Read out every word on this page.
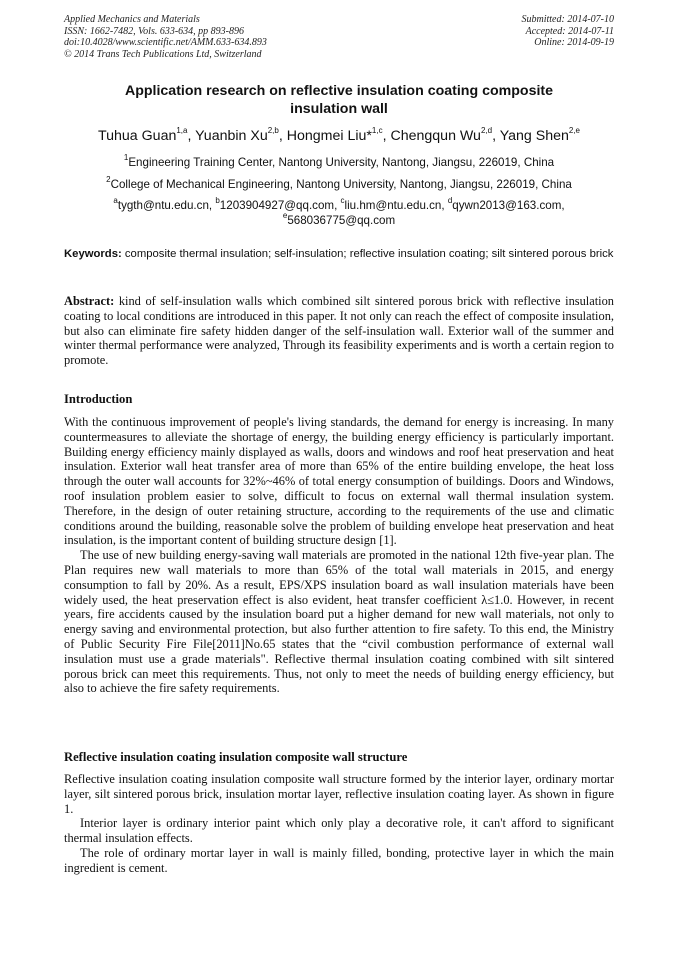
Applied Mechanics and Materials
ISSN: 1662-7482, Vols. 633-634, pp 893-896
doi:10.4028/www.scientific.net/AMM.633-634.893
© 2014 Trans Tech Publications Ltd, Switzerland
Submitted: 2014-07-10
Accepted: 2014-07-11
Online: 2014-09-19
Application research on reflective insulation coating composite
insulation wall
Tuhua Guan$^{1,a}$, Yuanbin Xu$^{2,b}$, Hongmei Liu*$^{1,c}$, Chengqun Wu$^{2,d}$, Yang Shen$^{2,e}$
$^1$Engineering Training Center, Nantong University, Nantong, Jiangsu, 226019, China
$^2$College of Mechanical Engineering, Nantong University, Nantong, Jiangsu, 226019, China
$^a$tygth@ntu.edu.cn, $^b$1203904927@qq.com, $^c$liu.hm@ntu.edu.cn, $^d$qywn2013@163.com,
$^e$568036775@qq.com
Keywords: composite thermal insulation; self-insulation; reflective insulation coating; silt sintered porous brick
Abstract: kind of self-insulation walls which combined silt sintered porous brick with reflective insulation coating to local conditions are introduced in this paper. It not only can reach the effect of composite insulation, but also can eliminate fire safety hidden danger of the self-insulation wall. Exterior wall of the summer and winter thermal performance were analyzed, Through its feasibility experiments and is worth a certain region to promote.
Introduction

With the continuous improvement of people's living standards, the demand for energy is increasing. In many countermeasures to alleviate the shortage of energy, the building energy efficiency is particularly important. Building energy efficiency mainly displayed as walls, doors and windows and roof heat preservation and heat insulation. Exterior wall heat transfer area of more than 65% of the entire building envelope, the heat loss through the outer wall accounts for 32%~46% of total energy consumption of buildings. Doors and Windows, roof insulation problem easier to solve, difficult to focus on external wall thermal insulation system. Therefore, in the design of outer retaining structure, according to the requirements of the use and climatic conditions around the building, reasonable solve the problem of building envelope heat preservation and heat insulation, is the important content of building structure design [1].

The use of new building energy-saving wall materials are promoted in the national 12th five-year plan. The Plan requires new wall materials to more than 65% of the total wall materials in 2015, and energy consumption to fall by 20%. As a result, EPS/XPS insulation board as wall insulation materials have been widely used, the heat preservation effect is also evident, heat transfer coefficient λ≤1.0. However, in recent years, fire accidents caused by the insulation board put a higher demand for new wall materials, not only to energy saving and environmental protection, but also further attention to fire safety. To this end, the Ministry of Public Security Fire File[2011]No.65 states that the “civil combustion performance of external wall insulation must use a grade materials". Reflective thermal insulation coating combined with silt sintered porous brick can meet this requirements. Thus, not only to meet the needs of building energy efficiency, but also to achieve the fire safety requirements.

Reflective insulation coating insulation composite wall structure

Reflective insulation coating insulation composite wall structure formed by the interior layer, ordinary mortar layer, silt sintered porous brick, insulation mortar layer, reflective insulation coating layer. As shown in figure 1.

Interior layer is ordinary interior paint which only play a decorative role, it can't afford to significant thermal insulation effects.

The role of ordinary mortar layer in wall is mainly filled, bonding, protective layer in which the main ingredient is cement.
